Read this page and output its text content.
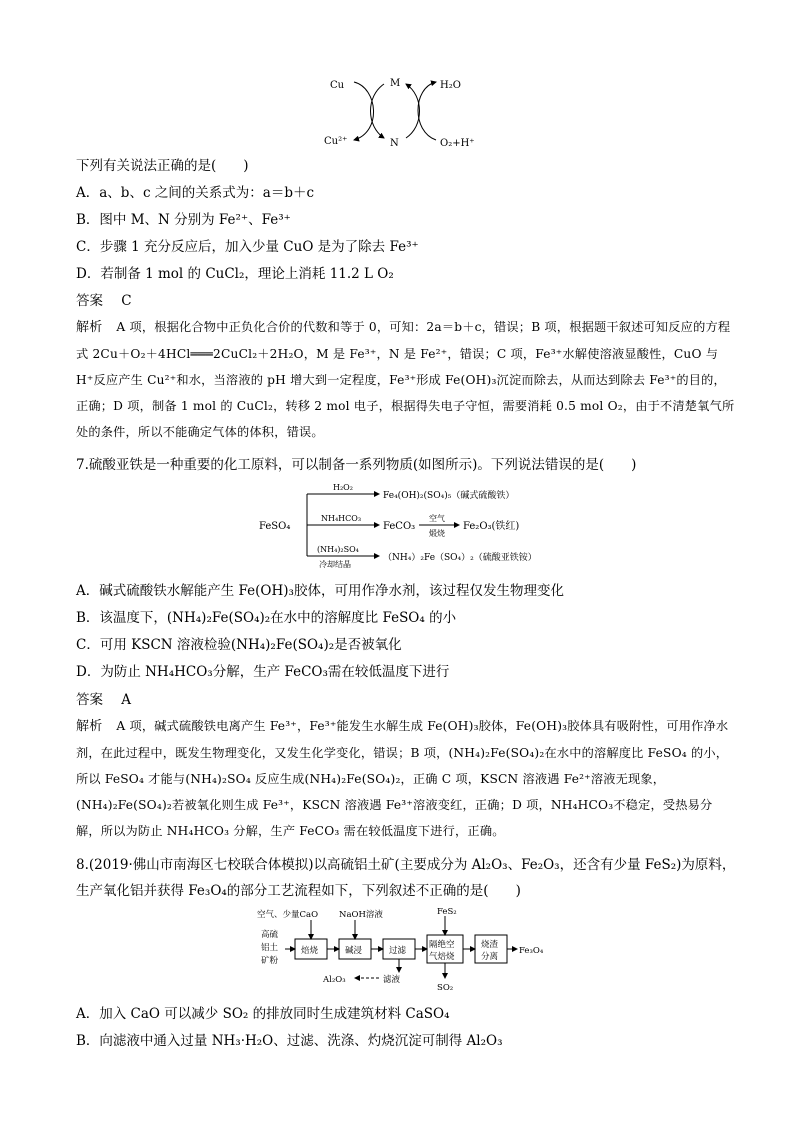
Cu	M	H₂O
Cu²⁺	N	O₂+H⁺
下列有关说法正确的是(　　)
A．a、b、c 之间的关系式为：a＝b＋c
B．图中 M、N 分别为 Fe²⁺、Fe³⁺
C．步骤 1 充分反应后，加入少量 CuO 是为了除去 Fe³⁺
D．若制备 1 mol 的 CuCl₂，理论上消耗 11.2 L O₂
答案 C
解析 A 项，根据化合物中正负化合价的代数和等于 0，可知：2a＝b＋c，错误；B 项，根据题干叙述可知反应的方程式 2Cu＋O₂＋4HCl═══2CuCl₂＋2H₂O，M 是 Fe³⁺，N 是 Fe²⁺，错误；C 项，Fe³⁺水解使溶液显酸性，CuO 与 H⁺反应产生 Cu²⁺和水，当溶液的 pH 增大到一定程度，Fe³⁺形成 Fe(OH)₃沉淀而除去，从而达到除去 Fe³⁺的目的，正确；D 项，制备 1 mol 的 CuCl₂，转移 2 mol 电子，根据得失电子守恒，需要消耗 0.5 mol O₂，由于不清楚氧气所处的条件，所以不能确定气体的体积，错误。
7.硫酸亚铁是一种重要的化工原料，可以制备一系列物质(如图所示)。下列说法错误的是(　　)
FeSO₄
H₂O₂
Fe₄(OH)₂(SO₄)₅（碱式硫酸铁）
NH₄HCO₃
FeCO₃
空气
煅烧
Fe₂O₃(铁红)
(NH₄)₂SO₄
冷却结晶
（NH₄）₂Fe（SO₄）₂（硫酸亚铁铵）
A．碱式硫酸铁水解能产生 Fe(OH)₃胶体，可用作净水剂，该过程仅发生物理变化
B．该温度下，(NH₄)₂Fe(SO₄)₂在水中的溶解度比 FeSO₄ 的小
C．可用 KSCN 溶液检验(NH₄)₂Fe(SO₄)₂是否被氧化
D．为防止 NH₄HCO₃分解，生产 FeCO₃需在较低温度下进行
答案 A
解析 A 项，碱式硫酸铁电离产生 Fe³⁺，Fe³⁺能发生水解生成 Fe(OH)₃胶体，Fe(OH)₃胶体具有吸附性，可用作净水剂，在此过程中，既发生物理变化，又发生化学变化，错误；B 项，(NH₄)₂Fe(SO₄)₂在水中的溶解度比 FeSO₄ 的小，所以 FeSO₄ 才能与(NH₄)₂SO₄ 反应生成(NH₄)₂Fe(SO₄)₂，正确 C 项，KSCN 溶液遇 Fe²⁺溶液无现象，(NH₄)₂Fe(SO₄)₂若被氧化则生成 Fe³⁺，KSCN 溶液遇 Fe³⁺溶液变红，正确；D 项，NH₄HCO₃不稳定，受热易分解，所以为防止 NH₄HCO₃ 分解，生产 FeCO₃ 需在较低温度下进行，正确。
8.(2019·佛山市南海区七校联合体模拟)以高硫铝土矿(主要成分为 Al₂O₃、Fe₂O₃，还含有少量 FeS₂)为原料，生产氧化铝并获得 Fe₃O₄的部分工艺流程如下，下列叙述不正确的是(　　)
空气、少量CaO NaOH溶液	FeS₂
高硫
铝土
矿粉
焙烧	碱浸	过滤
隔绝空
气焙烧
烧渣
分离
Fe₃O₄
Al₂O₃	滤液
SO₂
A．加入 CaO 可以减少 SO₂ 的排放同时生成建筑材料 CaSO₄
B．向滤液中通入过量 NH₃·H₂O、过滤、洗涤、灼烧沉淀可制得 Al₂O₃
